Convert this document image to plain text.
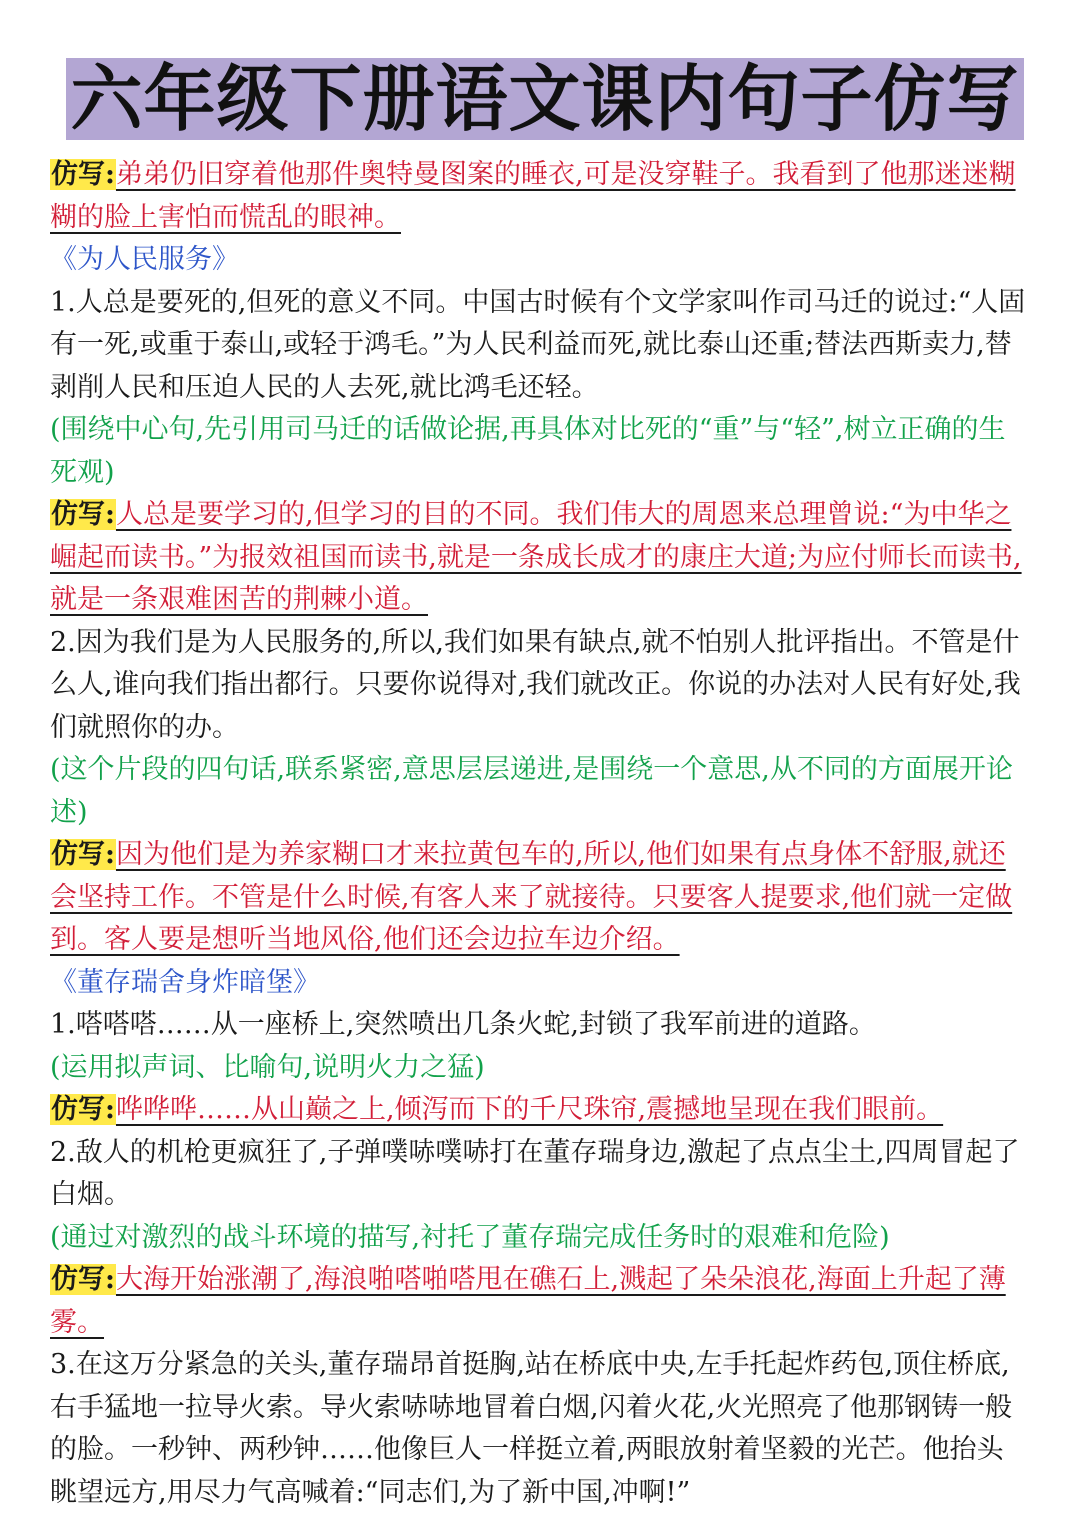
六年级下册语文课内句子仿写

仿写:弟弟仍旧穿着他那件奥特曼图案的睡衣,可是没穿鞋子。我看到了他那迷迷糊糊的脸上害怕而慌乱的眼神。

《为人民服务》

1.人总是要死的,但死的意义不同。中国古时候有个文学家叫作司马迁的说过:“人固有一死,或重于泰山,或轻于鸿毛。”为人民利益而死,就比泰山还重;替法西斯卖力,替剥削人民和压迫人民的人去死,就比鸿毛还轻。

(围绕中心句,先引用司马迁的话做论据,再具体对比死的“重”与“轻”,树立正确的生死观)

仿写:人总是要学习的,但学习的目的不同。我们伟大的周恩来总理曾说:“为中华之崛起而读书。”为报效祖国而读书,就是一条成长成才的康庄大道;为应付师长而读书,就是一条艰难困苦的荆棘小道。

2.因为我们是为人民服务的,所以,我们如果有缺点,就不怕别人批评指出。不管是什么人,谁向我们指出都行。只要你说得对,我们就改正。你说的办法对人民有好处,我们就照你的办。

(这个片段的四句话,联系紧密,意思层层递进,是围绕一个意思,从不同的方面展开论述)

仿写:因为他们是为养家糊口才来拉黄包车的,所以,他们如果有点身体不舒服,就还会坚持工作。不管是什么时候,有客人来了就接待。只要客人提要求,他们就一定做到。客人要是想听当地风俗,他们还会边拉车边介绍。

《董存瑞舍身炸暗堡》

1.嗒嗒嗒……从一座桥上,突然喷出几条火蛇,封锁了我军前进的道路。

(运用拟声词、比喻句,说明火力之猛)

仿写:哗哗哗……从山巅之上,倾泻而下的千尺珠帘,震撼地呈现在我们眼前。

2.敌人的机枪更疯狂了,子弹噗哧噗哧打在董存瑞身边,激起了点点尘土,四周冒起了白烟。

(通过对激烈的战斗环境的描写,衬托了董存瑞完成任务时的艰难和危险)

仿写:大海开始涨潮了,海浪啪嗒啪嗒甩在礁石上,溅起了朵朵浪花,海面上升起了薄雾。

3.在这万分紧急的关头,董存瑞昂首挺胸,站在桥底中央,左手托起炸药包,顶住桥底,右手猛地一拉导火索。导火索哧哧地冒着白烟,闪着火花,火光照亮了他那钢铸一般的脸。一秒钟、两秒钟……他像巨人一样挺立着,两眼放射着坚毅的光芒。他抬头眺望远方,用尽力气高喊着:“同志们,为了新中国,冲啊!”
